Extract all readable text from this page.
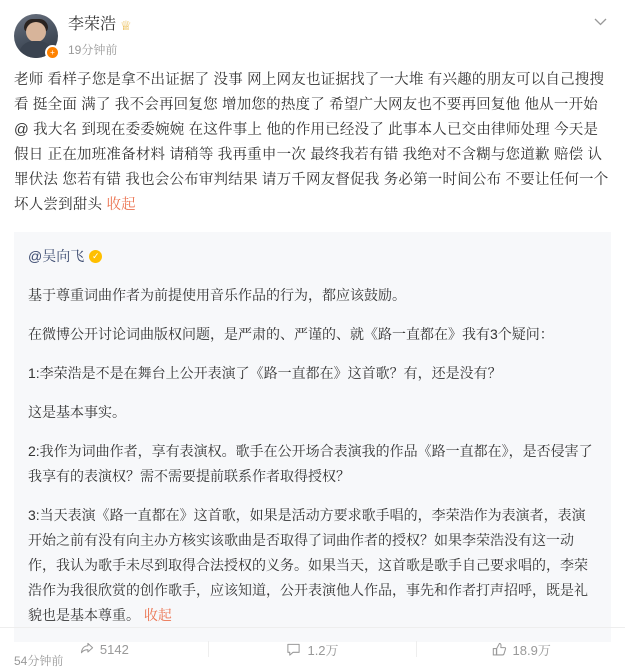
+
李荣浩 ♕
19分钟前
老师 看样子您是拿不出证据了 没事 网上网友也证据找了一大堆 有兴趣的朋友可以自己搜搜看 挺全面 满了 我不会再回复您 增加您的热度了 希望广大网友也不要再回复他 他从一开始@ 我大名 到现在委委婉婉 在这件事上 他的作用已经没了 此事本人已交由律师处理 今天是假日 正在加班准备材料 请稍等 我再重申一次 最终我若有错 我绝对不含糊与您道歉 赔偿 认罪伏法 您若有错 我也会公布审判结果 请万千网友督促我 务必第一时间公布 不要让任何一个坏人尝到甜头 收起
@吴向飞 ✓

基于尊重词曲作者为前提使用音乐作品的行为，都应该鼓励。

在微博公开讨论词曲版权问题，是严肃的、严谨的、就《路一直都在》我有3个疑问：

1:李荣浩是不是在舞台上公开表演了《路一直都在》这首歌？有，还是没有？

这是基本事实。

2:我作为词曲作者，享有表演权。歌手在公开场合表演我的作品《路一直都在》，是否侵害了我享有的表演权？需不需要提前联系作者取得授权？

3:当天表演《路一直都在》这首歌，如果是活动方要求歌手唱的，李荣浩作为表演者，表演开始之前有没有向主办方核实该歌曲是否取得了词曲作者的授权？如果李荣浩没有这一动作，我认为歌手未尽到取得合法授权的义务。如果当天，这首歌是歌手自己要求唱的，李荣浩作为我很欣赏的创作歌手，应该知道，公开表演他人作品，事先和作者打声招呼，既是礼貌也是基本尊重。 收起

54分钟前
5142	1.2万	18.9万
